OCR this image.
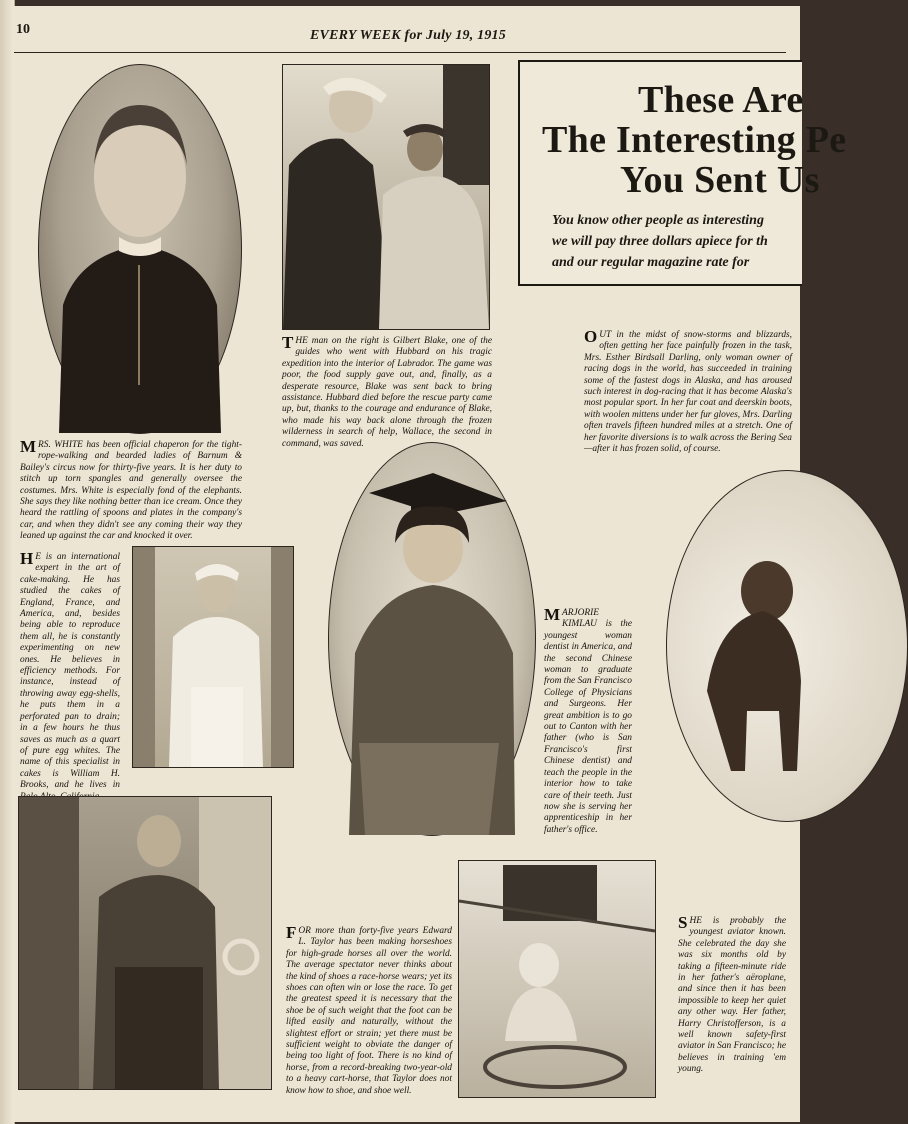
10	EVERY WEEK for July 19, 1915
These Are
The Interesting Pe
You Sent Us
You know other people as interesting
we will pay three dollars apiece for th
and our regular magazine rate for
THE man on the right is Gilbert Blake, one of the guides who went with Hubbard on his tragic expedition into the interior of Labrador. The game was poor, the food supply gave out, and, finally, as a desperate resource, Blake was sent back to bring assistance. Hubbard died before the rescue party came up, but, thanks to the courage and endurance of Blake, who made his way back alone through the frozen wilderness in search of help, Wallace, the second in command, was saved.
OUT in the midst of snow-storms and blizzards, often getting her face painfully frozen in the task, Mrs. Esther Birdsall Darling, only woman owner of racing dogs in the world, has succeeded in training some of the fastest dogs in Alaska, and has aroused such interest in dog-racing that it has become Alaska's most popular sport. In her fur coat and deerskin boots, with woolen mittens under her fur gloves, Mrs. Darling often travels fifteen hundred miles at a stretch. One of her favorite diversions is to walk across the Bering Sea—after it has frozen solid, of course.
MRS. WHITE has been official chaperon for the tight-rope-walking and bearded ladies of Barnum & Bailey's circus now for thirty-five years. It is her duty to stitch up torn spangles and generally oversee the costumes. Mrs. White is especially fond of the elephants. She says they like nothing better than ice cream. Once they heard the rattling of spoons and plates in the company's car, and when they didn't see any coming their way they leaned up against the car and knocked it over.
H E is an international expert in the art of cake-making. He has studied the cakes of England, France, and America, and, besides being able to reproduce them all, he is constantly experimenting on new ones. He believes in efficiency methods. For instance, instead of throwing away egg-shells, he puts them in a perforated pan to drain; in a few hours he thus saves as much as a quart of pure egg whites. The name of this specialist in cakes is William H. Brooks, and he lives in
MARJORIE KIMLAU is the youngest woman dentist in America, and the second Chinese woman to graduate from the San Francisco College of Physicians and Surgeons. Her great ambition is to go out to Canton with her father (who is San Francisco's first Chinese dentist) and teach the people in the interior how to take care of their teeth. Just now she is serving her apprenticeship in her father's office.
FOR more than forty-five years Edward L. Taylor has been making horseshoes for high-grade horses all over the world. The average spectator never thinks about the kind of shoes a race-horse wears; yet its shoes can often win or lose the race. To get the greatest speed it is necessary that the shoe be of such weight that the foot can be lifted easily and naturally, without the slightest effort or strain; yet there must be sufficient weight to obviate the danger of being too light of foot. There is no kind of horse, from a record-breaking two-year-old to a heavy cart-horse, that Taylor does not know how to shoe, and shoe well.
SHE is probably the youngest aviator known. She celebrated the day she was six months old by taking a fifteen-minute ride in her father's aëroplane, and since then it has been impossible to keep her quiet any other way. Her father, Harry Christofferson, is a well known safety-first aviator in San Francisco; he believes in training 'em young.
